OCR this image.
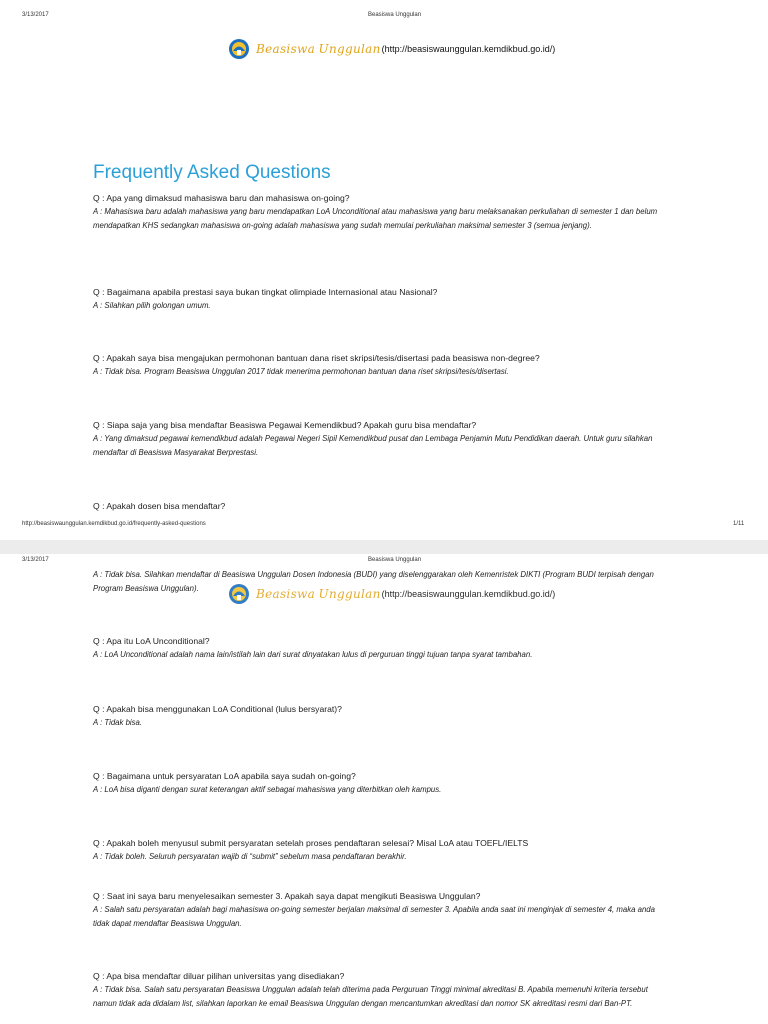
3/13/2017	Beasiswa Unggulan
Beasiswa Unggulan (http://beasiswaunggulan.kemdikbud.go.id/)
Frequently Asked Questions
Q : Apa yang dimaksud mahasiswa baru dan mahasiswa on-going?
A : Mahasiswa baru adalah mahasiswa yang baru mendapatkan LoA Unconditional atau mahasiswa yang baru melaksanakan perkuliahan di semester 1 dan belum mendapatkan KHS sedangkan mahasiswa on-going adalah mahasiswa yang sudah memulai perkuliahan maksimal semester 3 (semua jenjang).
Q : Bagaimana apabila prestasi saya bukan tingkat olimpiade Internasional atau Nasional?
A : Silahkan pilih golongan umum.
Q : Apakah saya bisa mengajukan permohonan bantuan dana riset skripsi/tesis/disertasi pada beasiswa non-degree?
A : Tidak bisa. Program Beasiswa Unggulan 2017 tidak menerima permohonan bantuan dana riset skripsi/tesis/disertasi.
Q : Siapa saja yang bisa mendaftar Beasiswa Pegawai Kemendikbud? Apakah guru bisa mendaftar?
A : Yang dimaksud pegawai kemendikbud adalah Pegawai Negeri Sipil Kemendikbud pusat dan Lembaga Penjamin Mutu Pendidikan daerah. Untuk guru silahkan mendaftar di Beasiswa Masyarakat Berprestasi.
Q : Apakah dosen bisa mendaftar?
http://beasiswaunggulan.kemdikbud.go.id/frequently-asked-questions	1/11
3/13/2017	Beasiswa Unggulan
Beasiswa Unggulan (http://beasiswaunggulan.kemdikbud.go.id/)
A : Tidak bisa. Silahkan mendaftar di Beasiswa Unggulan Dosen Indonesia (BUDI) yang diselenggarakan oleh Kemenristek DIKTI (Program BUDI terpisah dengan Program Beasiswa Unggulan).
Q : Apa itu LoA Unconditional?
A : LoA Unconditional adalah nama lain/istilah lain dari surat dinyatakan lulus di perguruan tinggi tujuan tanpa syarat tambahan.
Q : Apakah bisa menggunakan LoA Conditional (lulus bersyarat)?
A : Tidak bisa.
Q : Bagaimana untuk persyaratan LoA apabila saya sudah on-going?
A : LoA bisa diganti dengan surat keterangan aktif sebagai mahasiswa yang diterbitkan oleh kampus.
Q : Apakah boleh menyusul submit persyaratan setelah proses pendaftaran selesai? Misal LoA atau TOEFL/IELTS
A : Tidak boleh. Seluruh persyaratan wajib di “submit” sebelum masa pendaftaran berakhir.
Q : Saat ini saya baru menyelesaikan semester 3. Apakah saya dapat mengikuti Beasiswa Unggulan?
A : Salah satu persyaratan adalah bagi mahasiswa on-going semester berjalan maksimal di semester 3. Apabila anda saat ini menginjak di semester 4, maka anda tidak dapat mendaftar Beasiswa Unggulan.
Q : Apa bisa mendaftar diluar pilihan universitas yang disediakan?
A : Tidak bisa. Salah satu persyaratan Beasiswa Unggulan adalah telah diterima pada Perguruan Tinggi minimal akreditasi B. Apabila memenuhi kriteria tersebut namun tidak ada didalam list, silahkan laporkan ke email Beasiswa Unggulan dengan mencantumkan akreditasi dan nomor SK akreditasi resmi dari Ban-PT.
